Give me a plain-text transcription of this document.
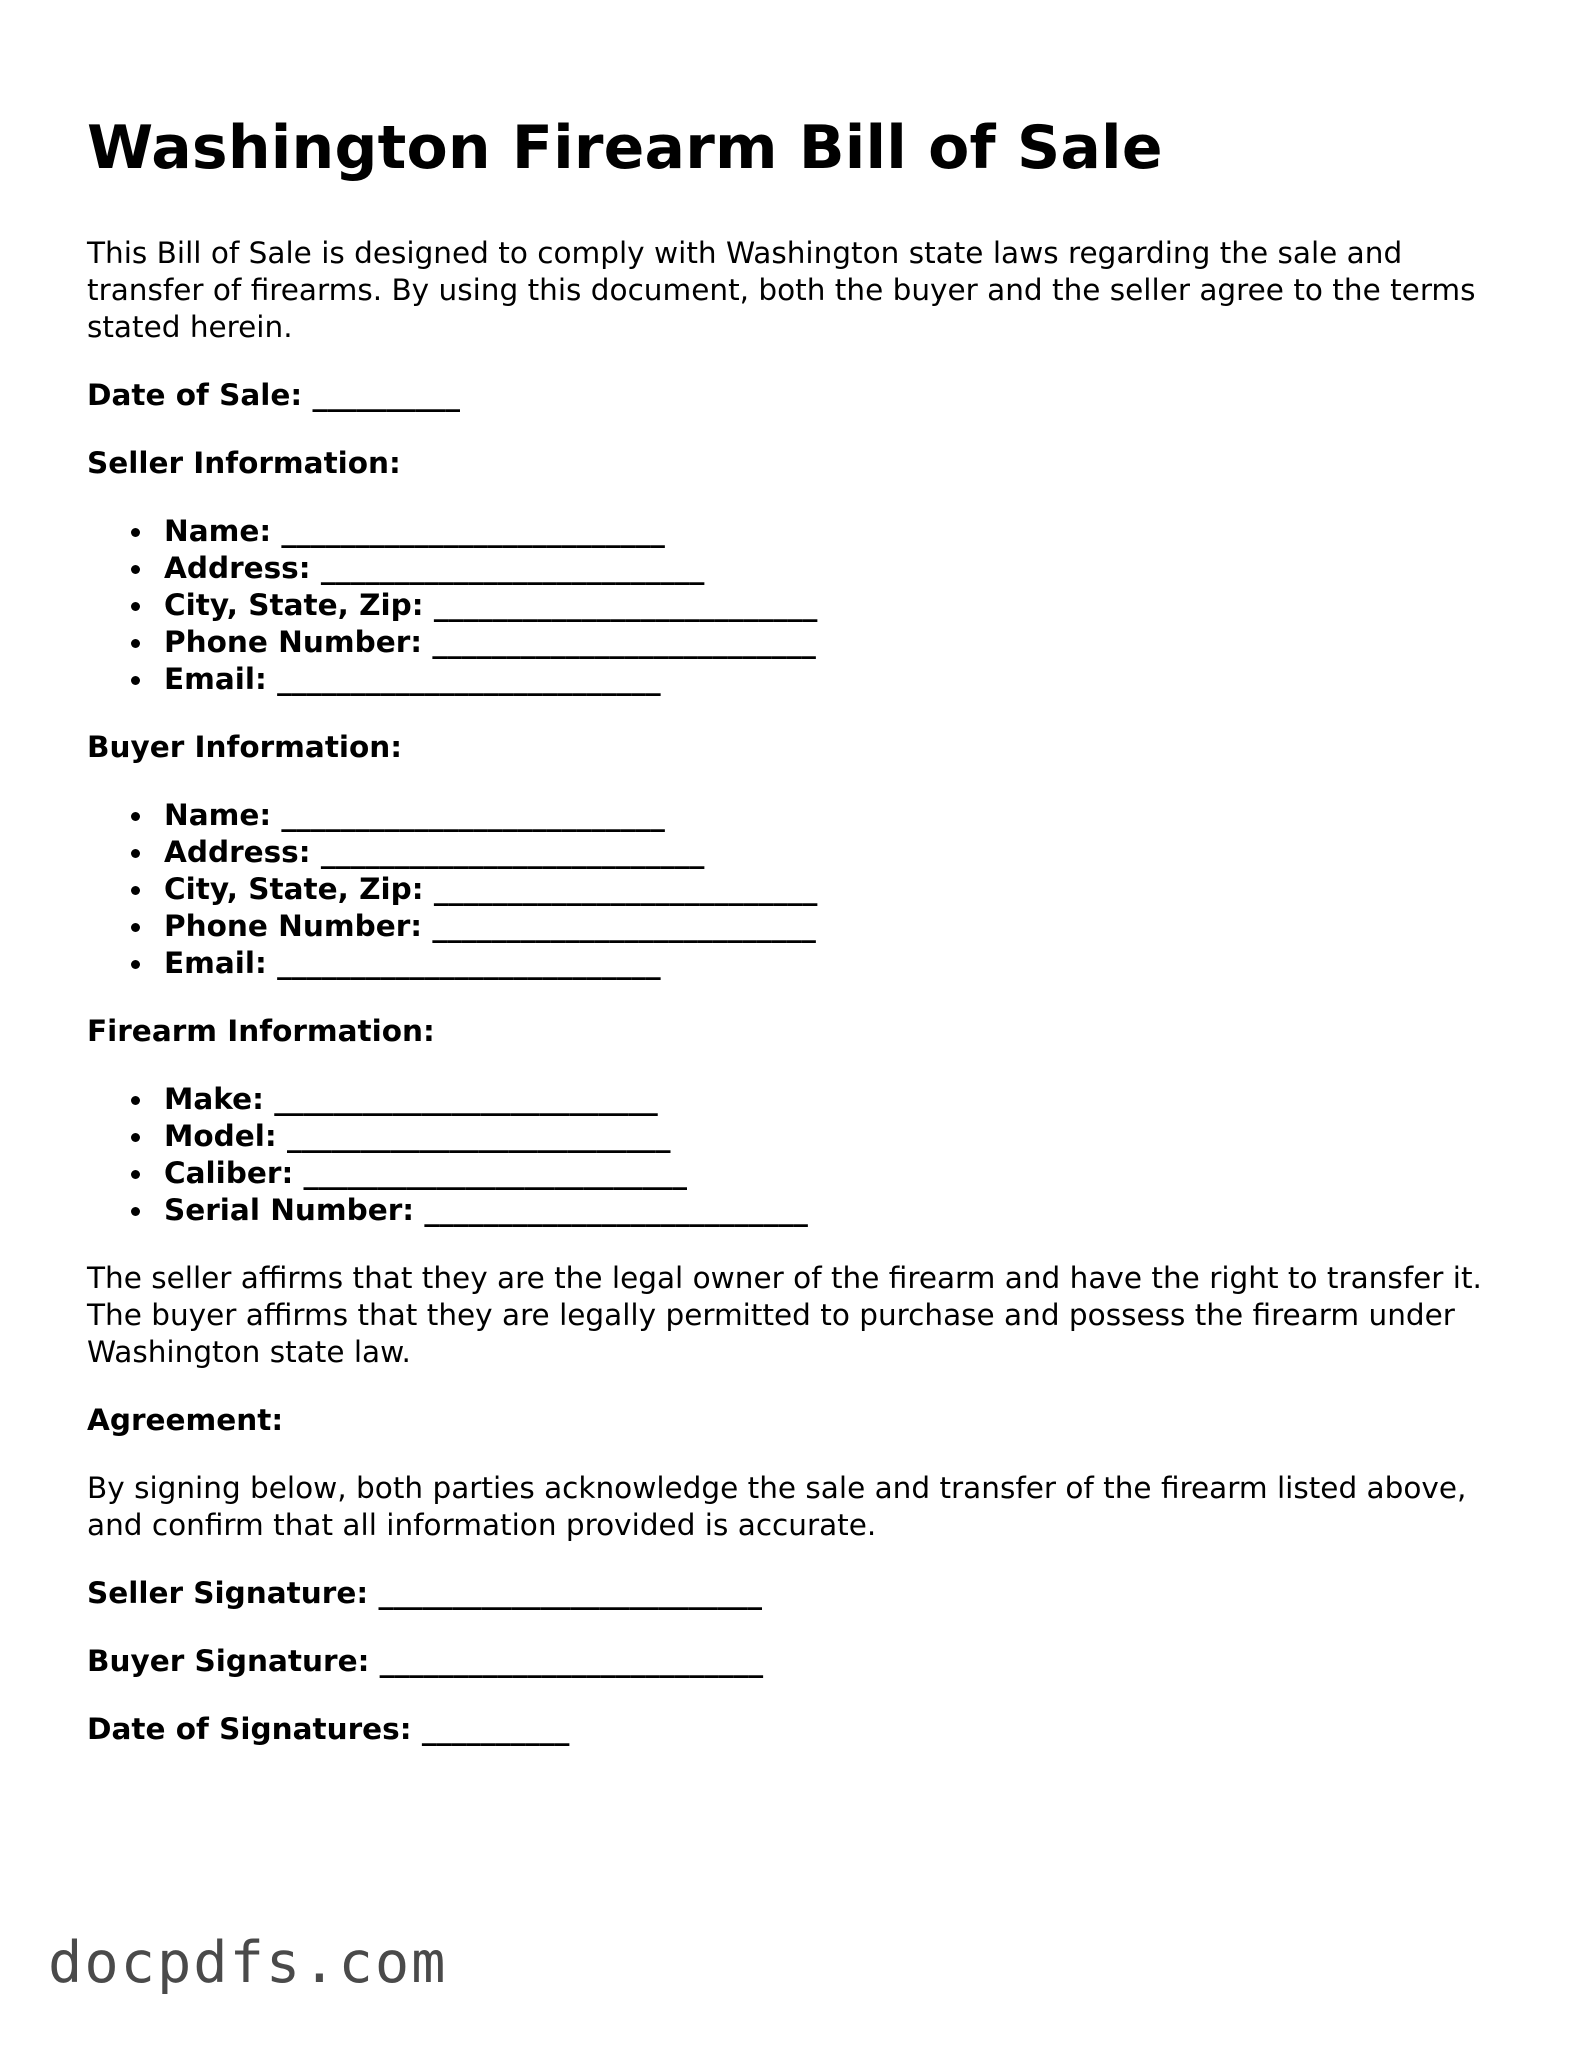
Washington Firearm Bill of Sale

This Bill of Sale is designed to comply with Washington state laws regarding the sale and transfer of firearms. By using this document, both the buyer and the seller agree to the terms stated herein.

Date of Sale: __________
Seller Information:
Name: __________________________
Address: __________________________
City, State, Zip: __________________________
Phone Number: __________________________
Email: __________________________
Buyer Information:
Name: __________________________
Address: __________________________
City, State, Zip: __________________________
Phone Number: __________________________
Email: __________________________
Firearm Information:
Make: __________________________
Model: __________________________
Caliber: __________________________
Serial Number: __________________________

The seller affirms that they are the legal owner of the firearm and have the right to transfer it. The buyer affirms that they are legally permitted to purchase and possess the firearm under Washington state law.

Agreement:

By signing below, both parties acknowledge the sale and transfer of the firearm listed above, and confirm that all information provided is accurate.

Seller Signature: __________________________
Buyer Signature: __________________________
Date of Signatures: __________
docpdfs.com
